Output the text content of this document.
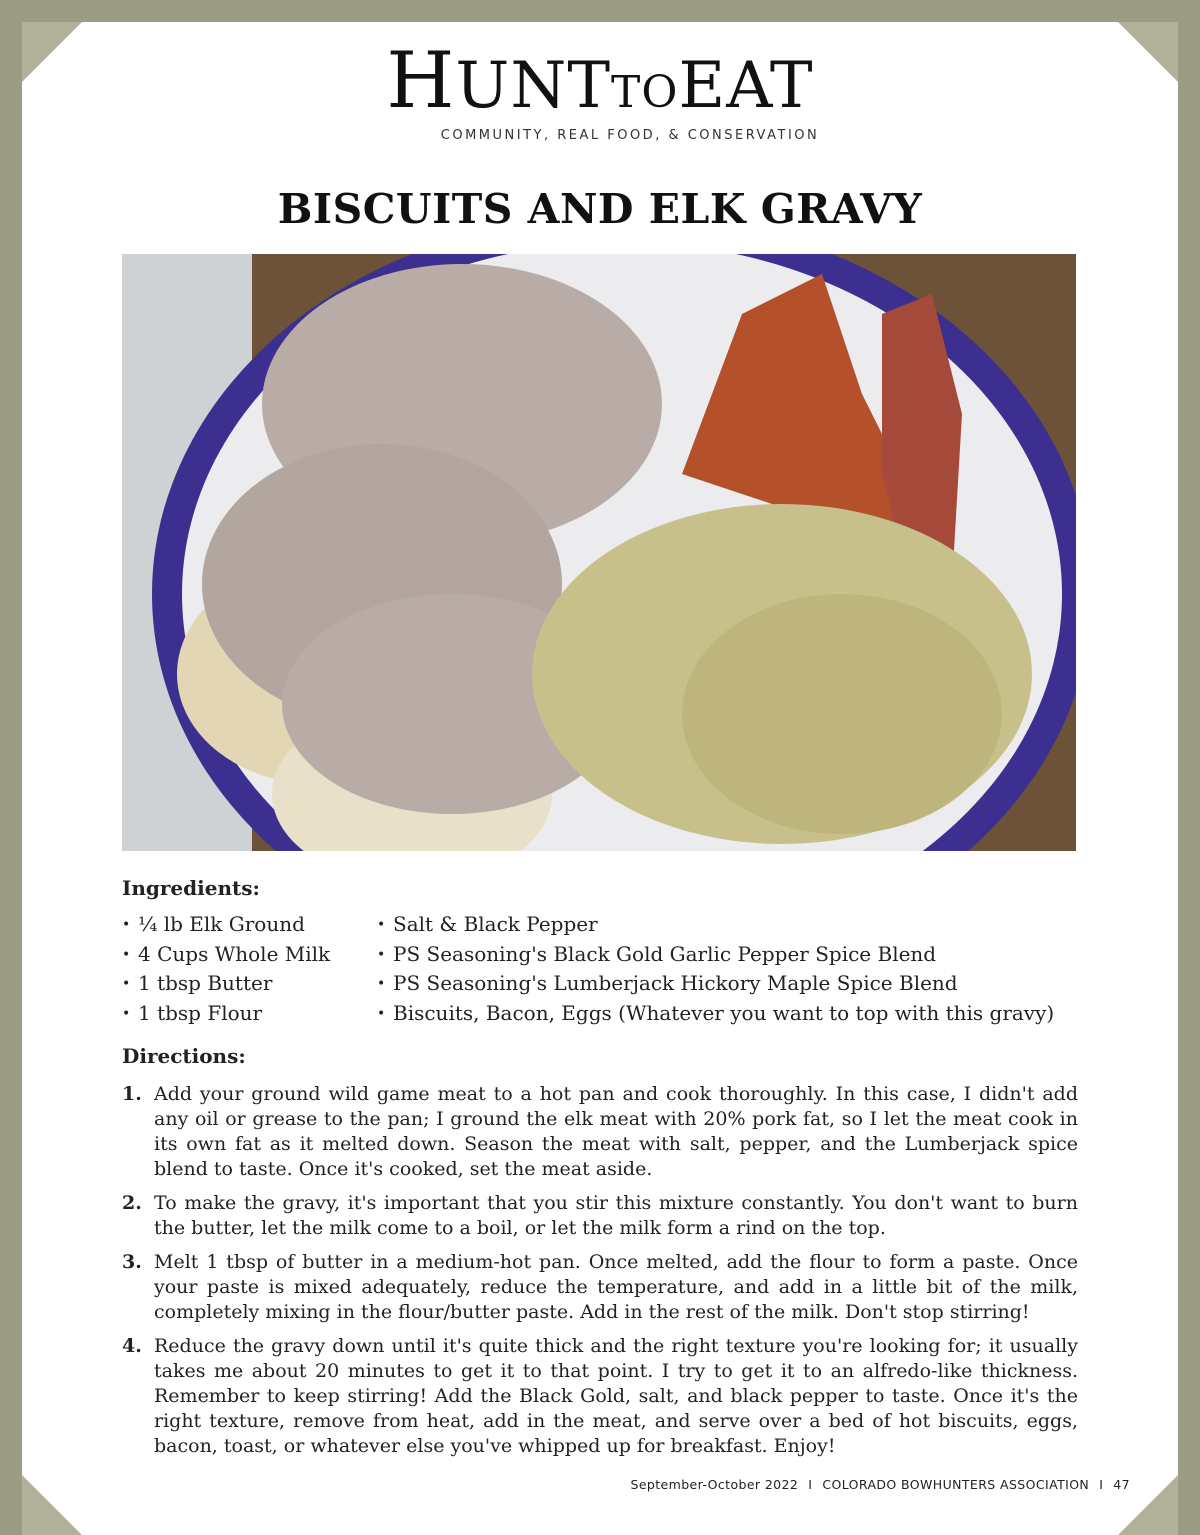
HUNTTOEAT
COMMUNITY, REAL FOOD, & CONSERVATION
BISCUITS AND ELK GRAVY
Ingredients:
• ¼ lb Elk Ground
• 4 Cups Whole Milk
• 1 tbsp Butter
• 1 tbsp Flour
• Salt & Black Pepper
• PS Seasoning's Black Gold Garlic Pepper Spice Blend
• PS Seasoning's Lumberjack Hickory Maple Spice Blend
• Biscuits, Bacon, Eggs (Whatever you want to top with this gravy)
Directions:
1. Add your ground wild game meat to a hot pan and cook thoroughly. In this case, I didn't add any oil or grease to the pan; I ground the elk meat with 20% pork fat, so I let the meat cook in its own fat as it melted down. Season the meat with salt, pepper, and the Lumberjack spice blend to taste. Once it's cooked, set the meat aside.
2. To make the gravy, it's important that you stir this mixture constantly. You don't want to burn the butter, let the milk come to a boil, or let the milk form a rind on the top.
3. Melt 1 tbsp of butter in a medium-hot pan. Once melted, add the flour to form a paste. Once your paste is mixed adequately, reduce the temperature, and add in a little bit of the milk, completely mixing in the flour/butter paste. Add in the rest of the milk. Don't stop stirring!
4. Reduce the gravy down until it's quite thick and the right texture you're looking for; it usually takes me about 20 minutes to get it to that point. I try to get it to an alfredo-like thickness. Remember to keep stirring! Add the Black Gold, salt, and black pepper to taste. Once it's the right texture, remove from heat, add in the meat, and serve over a bed of hot biscuits, eggs, bacon, toast, or whatever else you've whipped up for breakfast. Enjoy!
September-October 2022 I COLORADO BOWHUNTERS ASSOCIATION I 47
